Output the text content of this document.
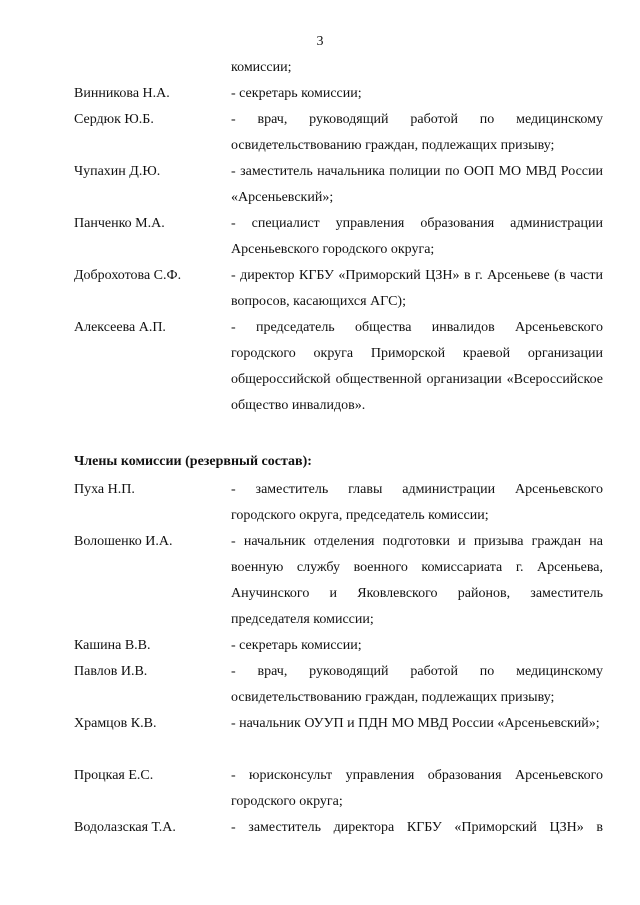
3
комиссии;
Винникова Н.А.	- секретарь комиссии;
Сердюк Ю.Б.	- врач, руководящий работой по медицинскому освидетельствованию граждан, подлежащих призыву;
Чупахин Д.Ю.	- заместитель начальника полиции по ООП МО МВД России «Арсеньевский»;
Панченко М.А.	- специалист управления образования администрации Арсеньевского городского округа;
Доброхотова С.Ф.	- директор КГБУ «Приморский ЦЗН» в г. Арсеньеве (в части вопросов, касающихся АГС);
Алексеева А.П.	- председатель общества инвалидов Арсеньевского городского округа Приморской краевой организации общероссийской общественной организации «Всероссийское общество инвалидов».
Члены комиссии (резервный состав):
Пуха Н.П.	- заместитель главы администрации Арсеньевского городского округа, председатель комиссии;
Волошенко И.А.	- начальник отделения подготовки и призыва граждан на военную службу военного комиссариата г. Арсеньева, Анучинского и Яковлевского районов, заместитель председателя комиссии;
Кашина В.В.	- секретарь комиссии;
Павлов И.В.	- врач, руководящий работой по медицинскому освидетельствованию граждан, подлежащих призыву;
Храмцов К.В.	- начальник ОУУП и ПДН МО МВД России «Арсеньевский»;
Процкая Е.С.	- юрисконсульт управления образования Арсеньевского городского округа;
Водолазская Т.А.	- заместитель директора КГБУ «Приморский ЦЗН» в
